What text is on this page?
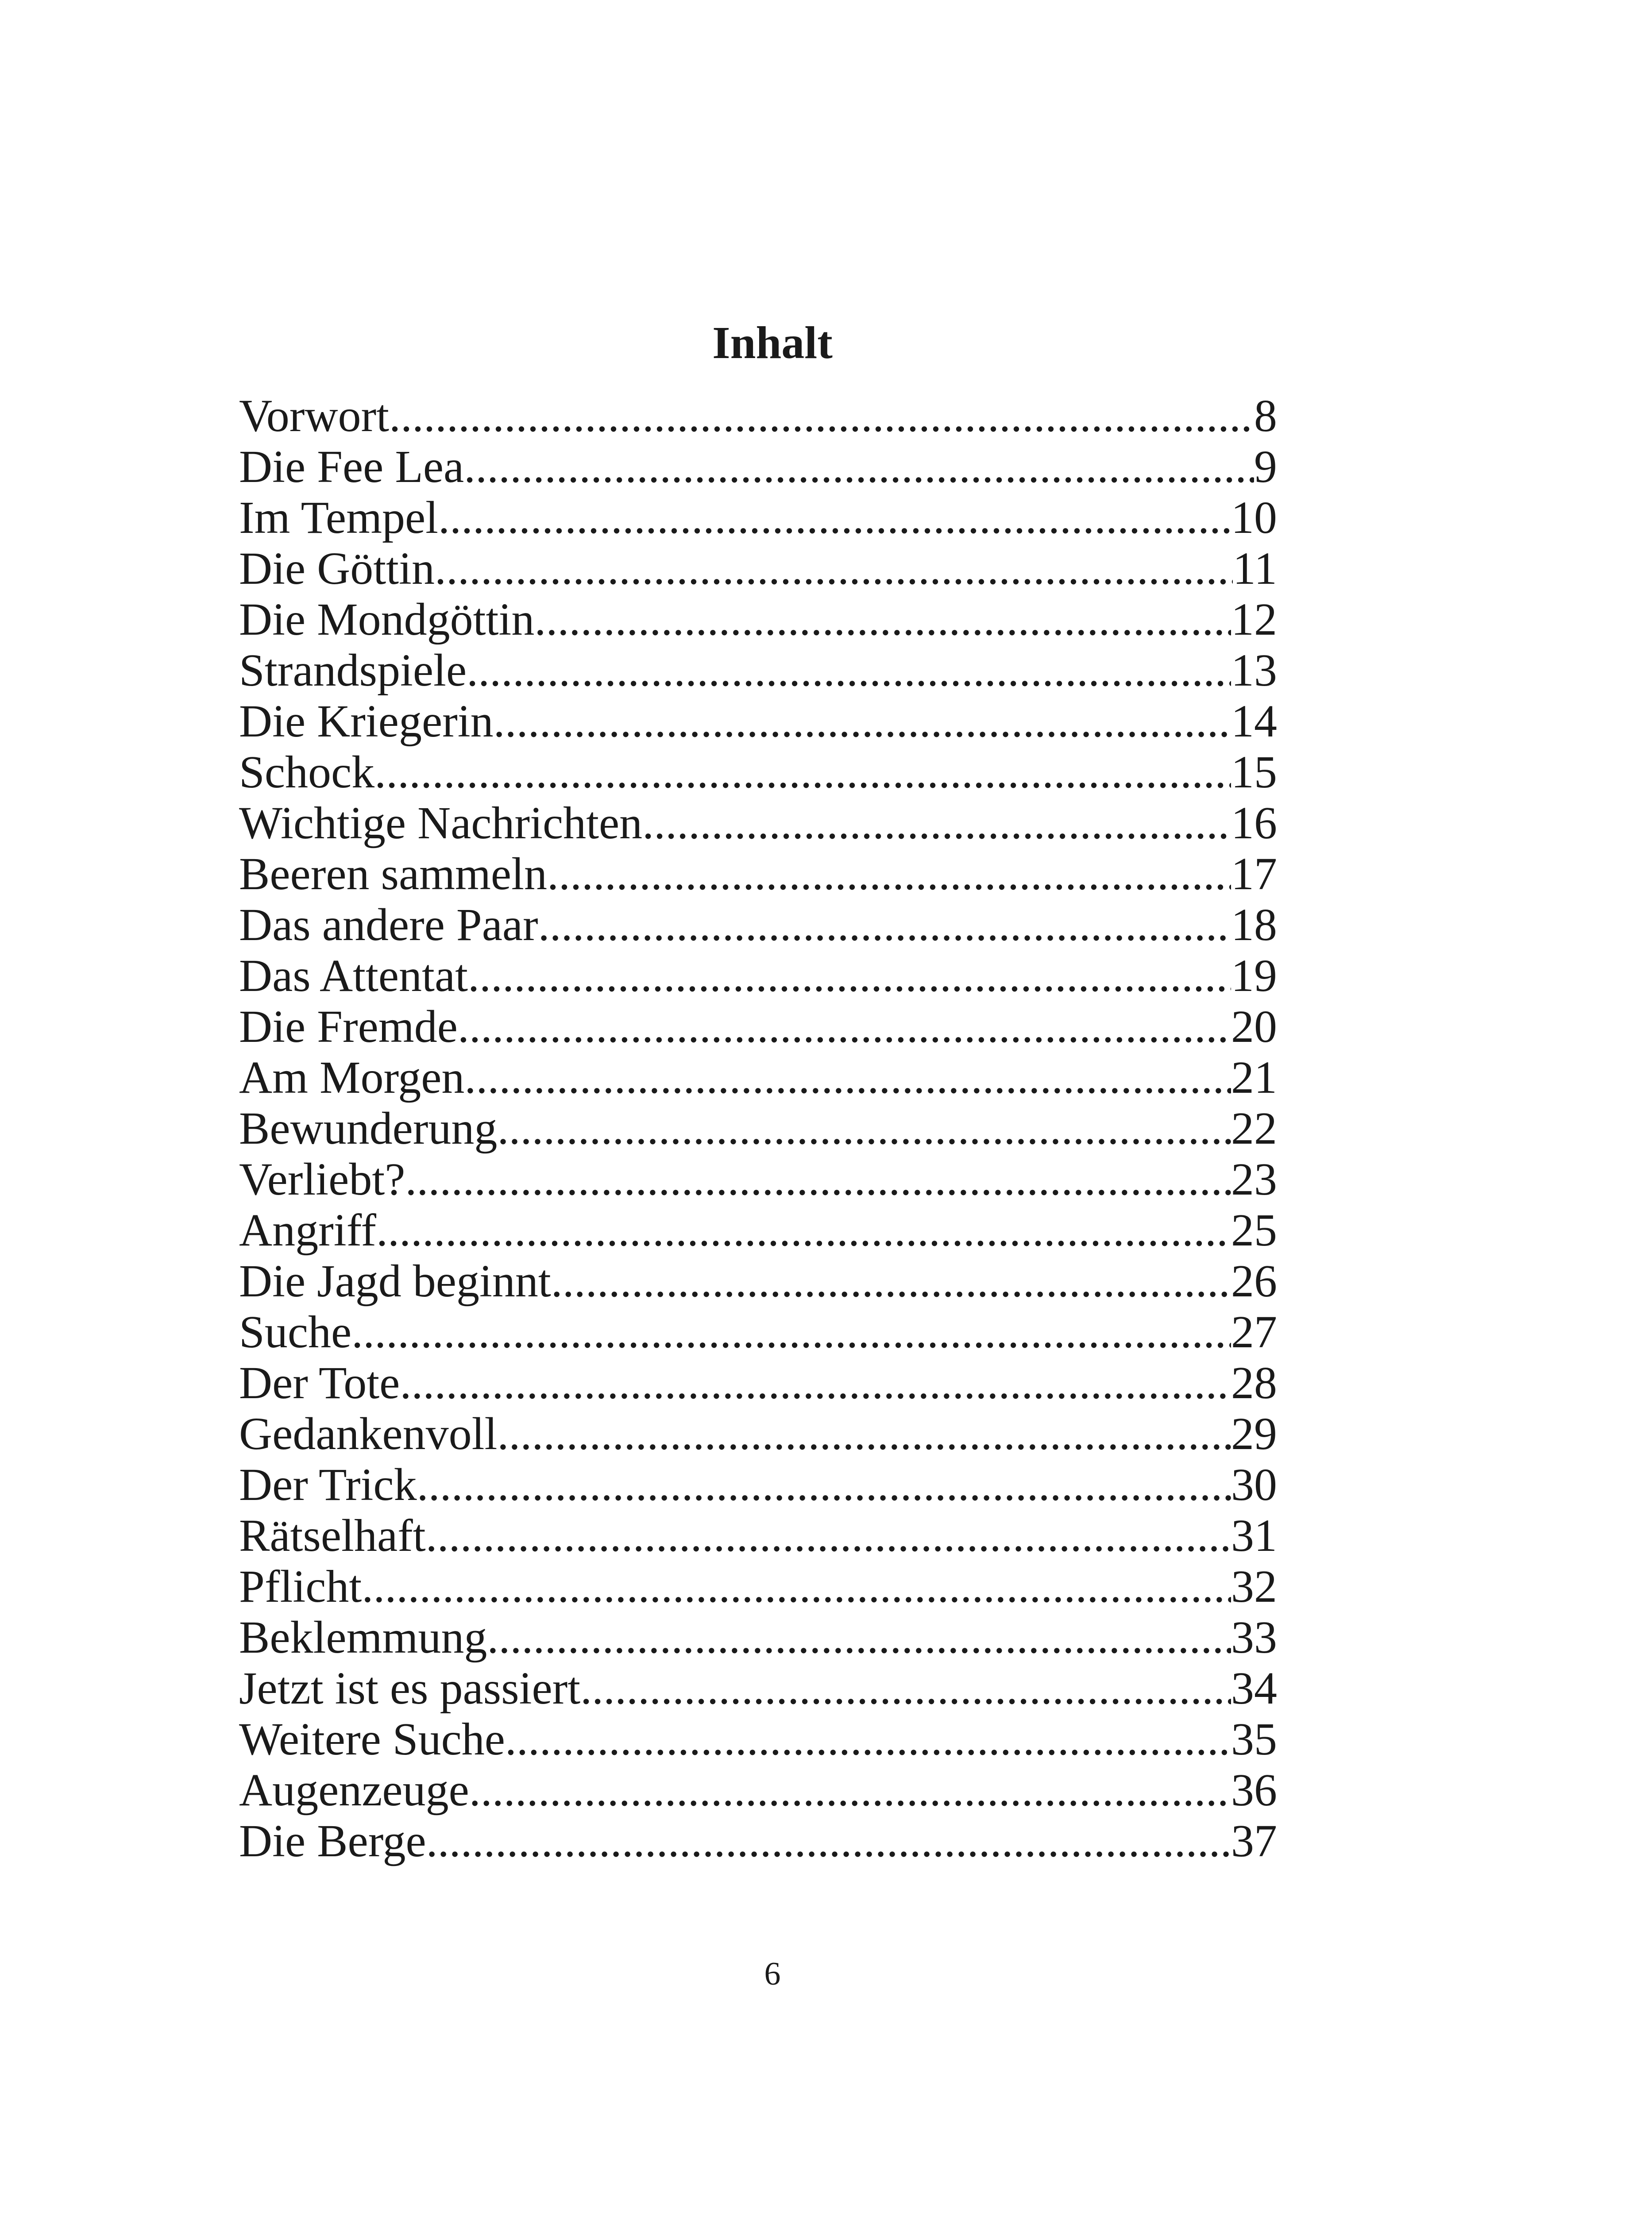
Inhalt
Vorwort .....	8
Die Fee Lea .....	9
Im Tempel .....	10
Die Göttin .....	11
Die Mondgöttin .....	12
Strandspiele .....	13
Die Kriegerin .....	14
Schock .....	15
Wichtige Nachrichten .....	16
Beeren sammeln .....	17
Das andere Paar .....	18
Das Attentat .....	19
Die Fremde .....	20
Am Morgen .....	21
Bewunderung .....	22
Verliebt? .....	23
Angriff .....	25
Die Jagd beginnt .....	26
Suche .....	27
Der Tote .....	28
Gedankenvoll .....	29
Der Trick .....	30
Rätselhaft .....	31
Pflicht .....	32
Beklemmung .....	33
Jetzt ist es passiert .....	34
Weitere Suche .....	35
Augenzeuge .....	36
Die Berge .....	37
6
